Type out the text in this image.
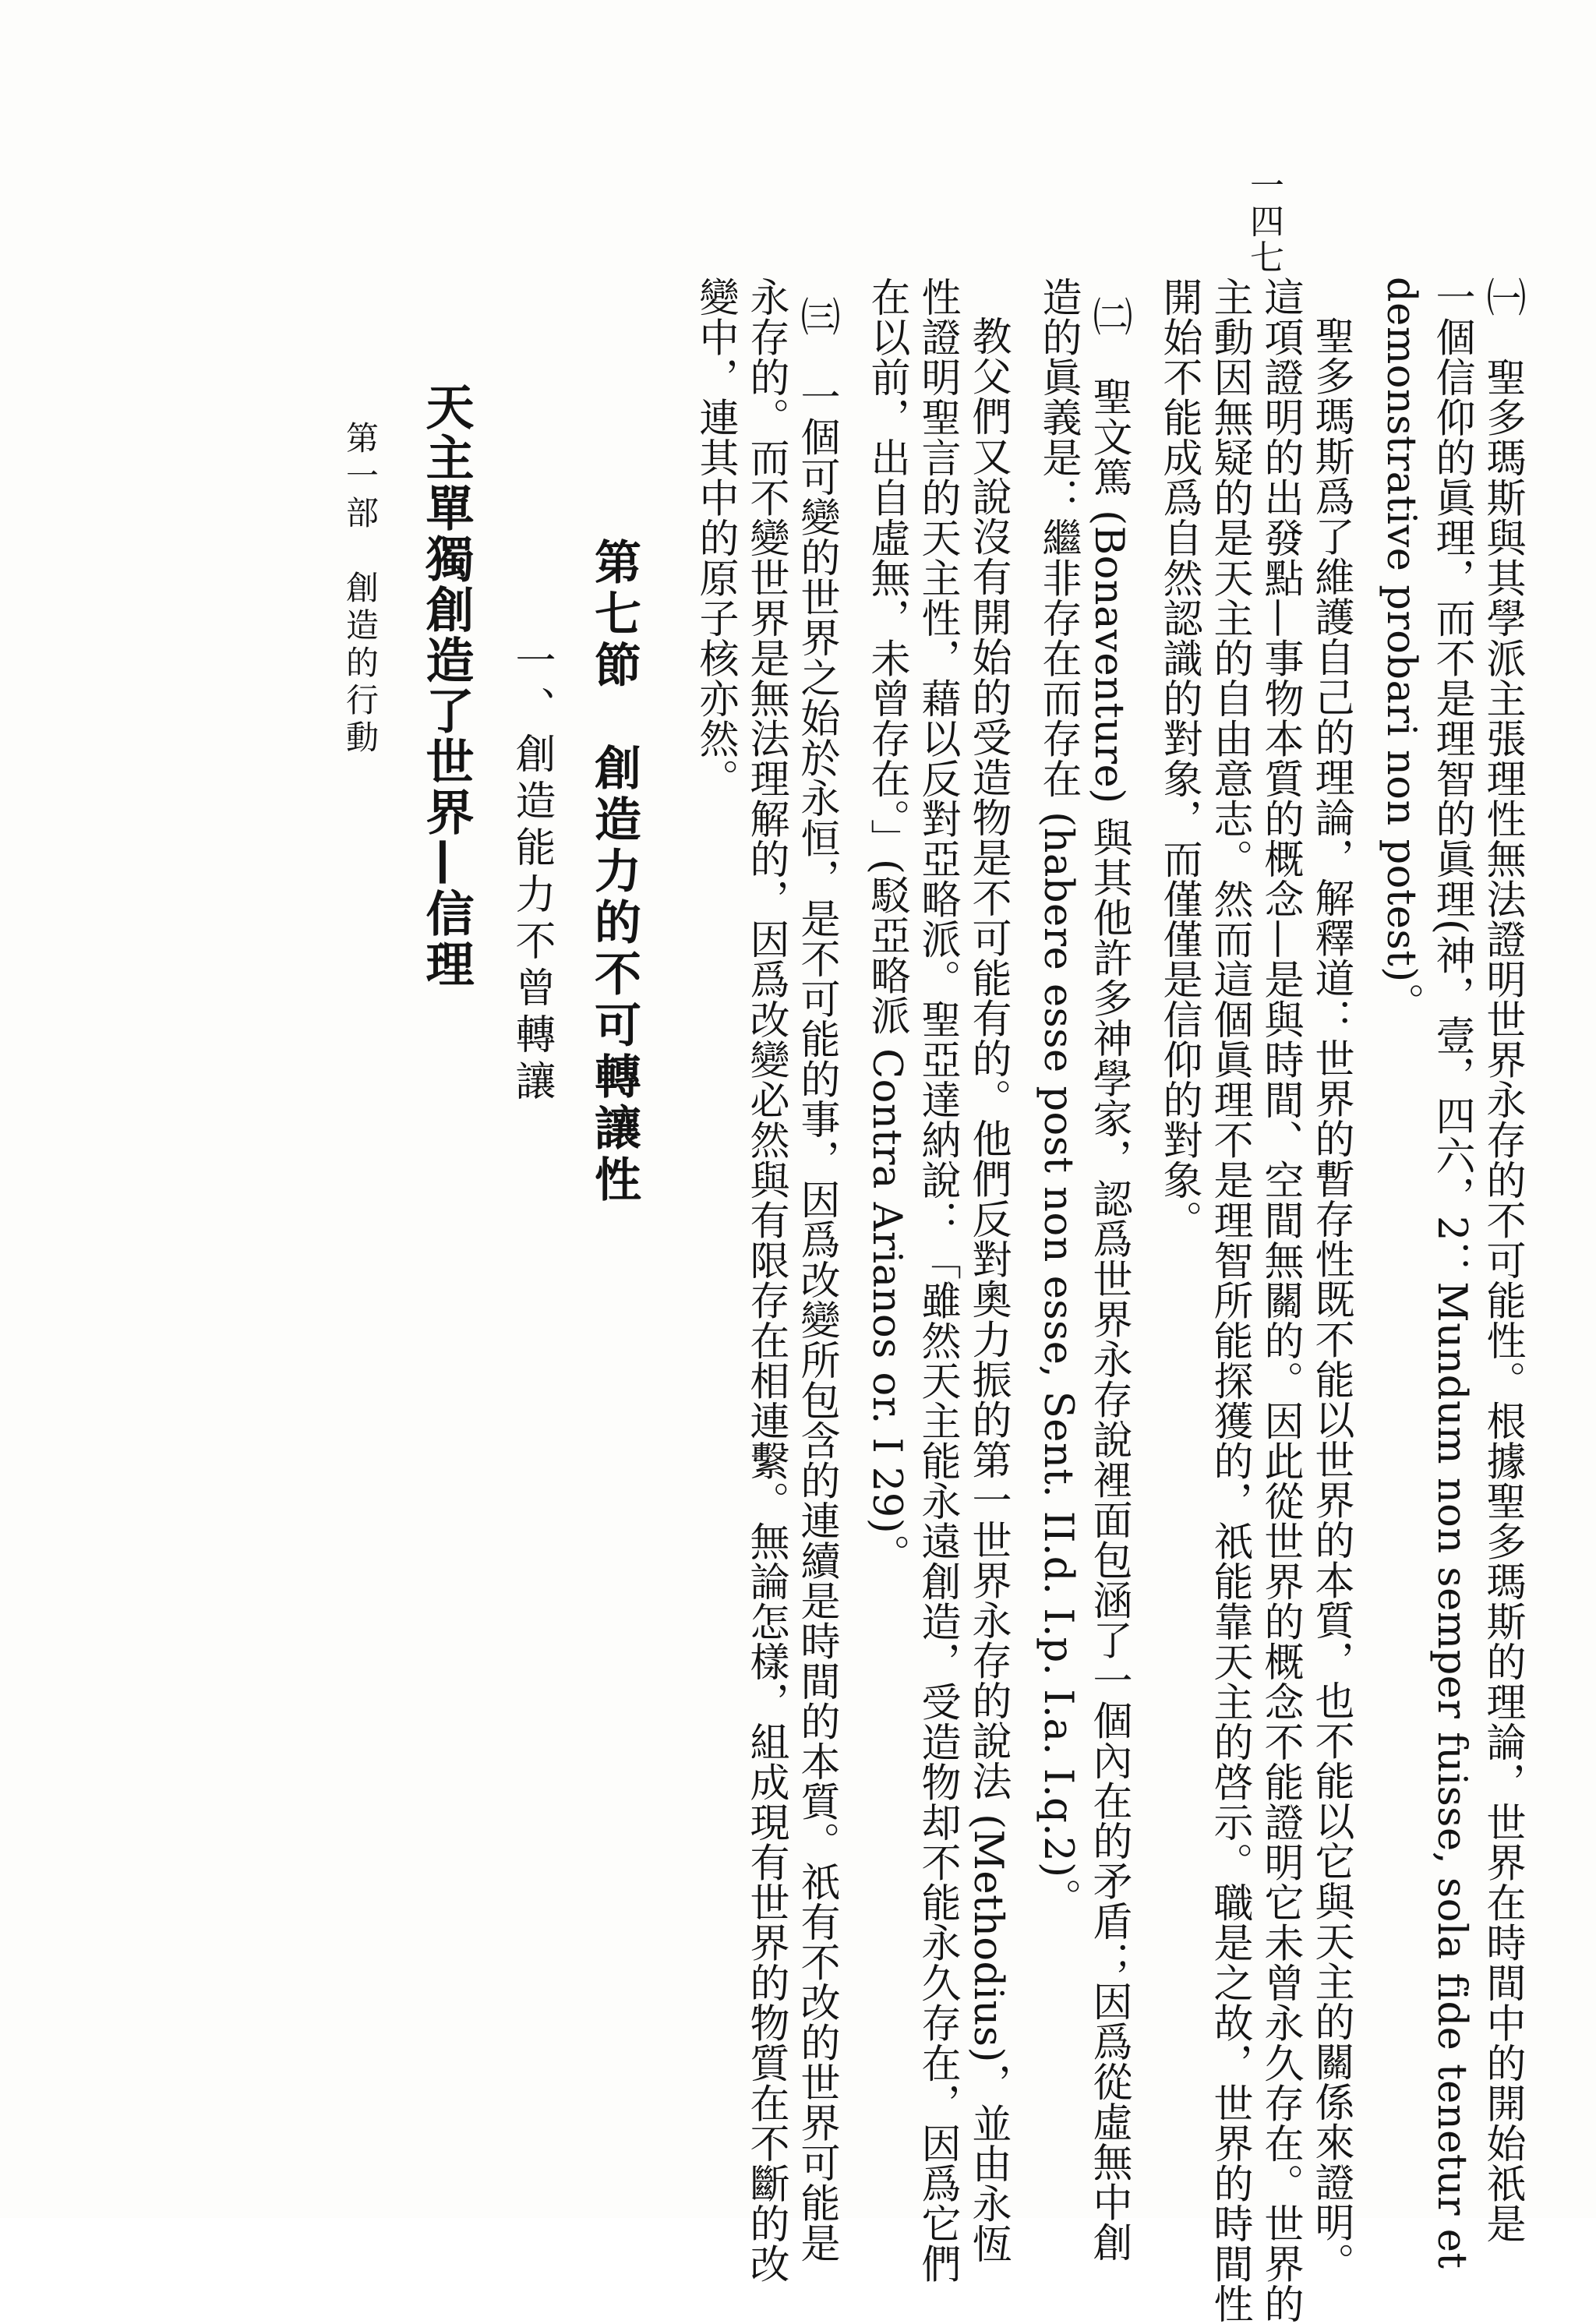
一四七
㈠　聖多瑪斯與其學派主張理性無法證明世界永存的不可能性。根據聖多瑪斯的理論，世界在時間中的開始祇是
一個信仰的眞理，而不是理智的眞理(神，壹，四六，2：Mundum non semper fuisse, sola fide tenetur et
demonstrative probari non potest)。
聖多瑪斯爲了維護自己的理論，解釋道：世界的暫存性既不能以世界的本質，也不能以它與天主的關係來證明。
這項證明的出發點—事物本質的概念—是與時間、空間無關的。因此從世界的概念不能證明它未曾永久存在。世界的
主動因無疑的是天主的自由意志。然而這個眞理不是理智所能探獲的，祇能靠天主的啓示。職是之故，世界的時間性
開始不能成爲自然認識的對象，而僅僅是信仰的對象。
㈡　聖文篤 (Bonaventure) 與其他許多神學家，認爲世界永存說裡面包涵了一個內在的矛盾；因爲從虛無中創
造的眞義是：繼非存在而存在 (habere esse post non esse, Sent. II.d. I.p. I.a. I.q.2)。
教父們又說沒有開始的受造物是不可能有的。他們反對奧力振的第一世界永存的說法 (Methodius)，並由永恆
性證明聖言的天主性，藉以反對亞略派。聖亞達納說：「雖然天主能永遠創造，受造物却不能永久存在，因爲它們
在以前，出自虛無，未曾存在。」(駁亞略派 Contra Arianos or. I 29)。
㈢　一個可變的世界之始於永恒，是不可能的事，因爲改變所包含的連續是時間的本質。祇有不改的世界可能是
永存的。而不變世界是無法理解的，因爲改變必然與有限存在相連繫。無論怎樣，組成現有世界的物質在不斷的改
變中，連其中的原子核亦然。
第七節　創造力的不可轉讓性
一、創造能力不曾轉讓
天主單獨創造了世界—信理
第一部　創造的行動
